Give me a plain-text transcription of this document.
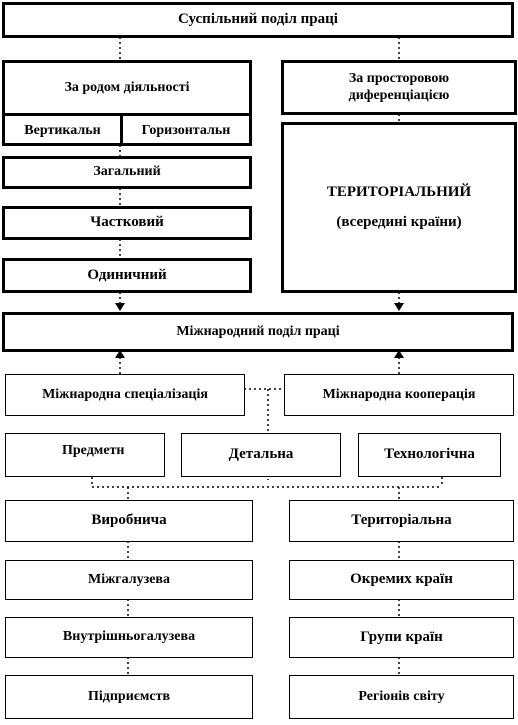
Суспільний поділ праці
За родом діяльності
Вертикальн	Горизонтальн
Загальний
Частковий
Одиничний
За просторовою
диференціацією
ТЕРИТОРІАЛЬНИЙ
(всередині країни)
Міжнародний поділ праці
Міжнародна спеціалізація	Міжнародна кооперація
Предметн	Детальна	Технологічна
Виробнича
Міжгалузева
Внутрішньогалузева
Підприємств
Територіальна
Окремих країн
Групи країн
Регіонів світу
